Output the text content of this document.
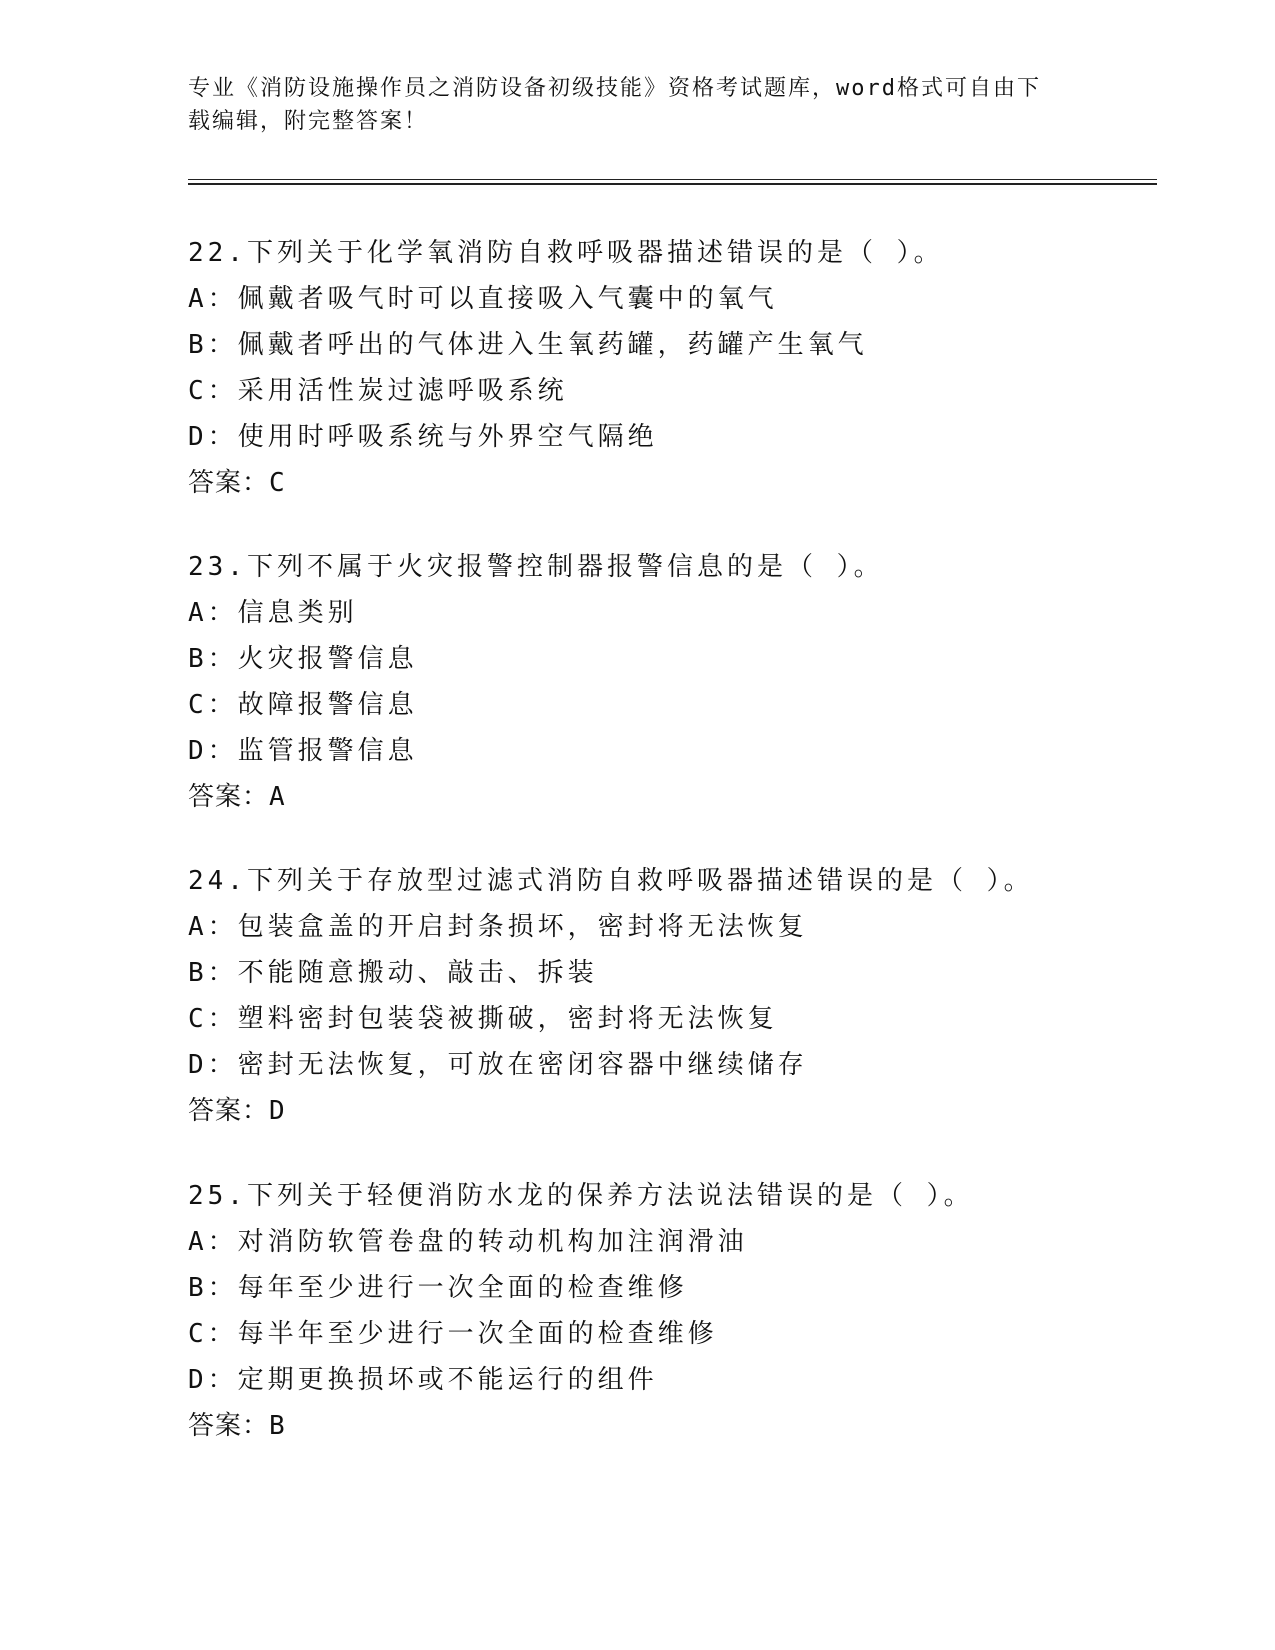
专业《消防设施操作员之消防设备初级技能》资格考试题库，word格式可自由下
载编辑，附完整答案！
22.下列关于化学氧消防自救呼吸器描述错误的是（ ）。
A：佩戴者吸气时可以直接吸入气囊中的氧气
B：佩戴者呼出的气体进入生氧药罐，药罐产生氧气
C：采用活性炭过滤呼吸系统
D：使用时呼吸系统与外界空气隔绝
答案：C
23.下列不属于火灾报警控制器报警信息的是（ ）。
A：信息类别
B：火灾报警信息
C：故障报警信息
D：监管报警信息
答案：A
24.下列关于存放型过滤式消防自救呼吸器描述错误的是（ ）。
A：包装盒盖的开启封条损坏，密封将无法恢复
B：不能随意搬动、敲击、拆装
C：塑料密封包装袋被撕破，密封将无法恢复
D：密封无法恢复，可放在密闭容器中继续储存
答案：D
25.下列关于轻便消防水龙的保养方法说法错误的是（ ）。
A：对消防软管卷盘的转动机构加注润滑油
B：每年至少进行一次全面的检查维修
C：每半年至少进行一次全面的检查维修
D：定期更换损坏或不能运行的组件
答案：B
